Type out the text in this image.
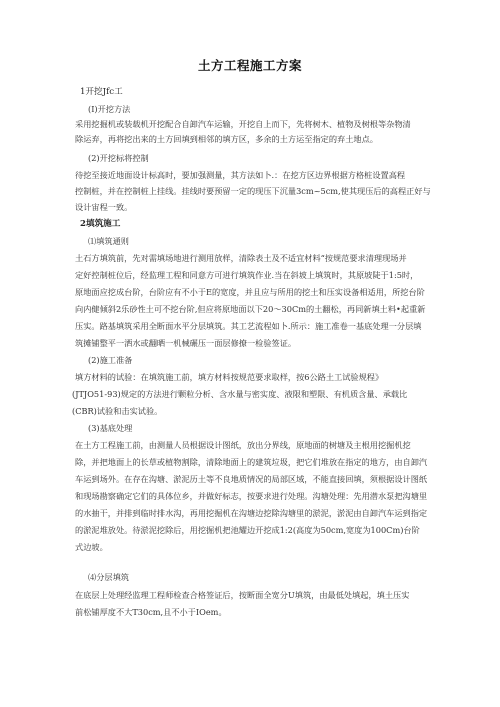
土方工程施工方案
1开挖Jfc工
(I)开挖方法
采用挖掘机或装载机开挖配合自卸汽车运输，开挖自上而下，先将树木、植物及树根等杂物清
除运弃，再将挖出来的土方回填到相邻的填方区，多余的土方运至指定的弃土地点。
(2)开挖标将控制
待挖至接近地面设计标高时，要加强测量，其方法如卜.：在挖方区边界根据方格桩设置高程
控制桩，并在控制桩上挂线。挂线时要预留一定的现压下沉量3cm~5cm,使其现压后的高程正好与
设计宙程一致。
2填筑施工
⑴填筑通则
土石方填筑前，先对需填场地进行测用放样，清除表土及不适宜材料“按规范要求清理现场并
定好控制桩位后，经监理工程和同意方可进行填筑作业.当在斜坡上填筑时，其原坡陡于1:5时，
原地面应挖成台阶，台阶应有不小于E的宽度，并且应与所用的挖土和压实设备相适用，所挖台阶
向内健倾斜2乐砂性土可不挖台阶,但应将原地面以下20～30Cm的土翻松，再同新填土料•起重新
压实。路基填筑采用全断面水平分层填筑。其工艺流程如卜.所示：施工准卷一基底处理一分层填
筑摊铺整平一洒水或翻晒一机械碾压一面层修撩一检验签证。
(2)施工准备
填方材料的试验：在填筑施工前，填方材料按规范要求取样，按6公路土工试验规程》
(JTJO51-93)规定的方法进行颗粒分析、含水量与密实度、液限和塑限、有机质含量、承载比
(CBR)试验和击实试验。
(3)基底处理
在土方工程施工前，由测量人员根据设计图纸，放出分界线，原地面的树塘及主根用挖掘机挖
除，并把地面上的长草或植物割除，清除地面上的建筑垃圾，把它们堆放在指定的地方，由自卸汽
车运到场外。在存在沟塘、淤泥历土等不良地质情况的局部区域，不能直接回填，须根据设计图纸
和现场勘察确定它们的具体位乡，并做好标志，按要求进行处理。沟塘处理：先用潜水泵把沟塘里
的水抽干，并排到临时排水沟，再用挖掘机在沟塘边挖除沟塘里的淤泥，淤泥由自卸汽车运到指定
的淤泥堆放处。待淤泥挖除后，用挖掘机把池耀边开挖成1:2(高度为50cm,宽度为100Cm)台阶
式边坡。
⑷分层填筑
在底层上处理经监理工程师检查合格签证后，按断面全宽分U填筑，由最低处填起，填土压实
前松铺厚度不大T30cm,且不小于IOem。
